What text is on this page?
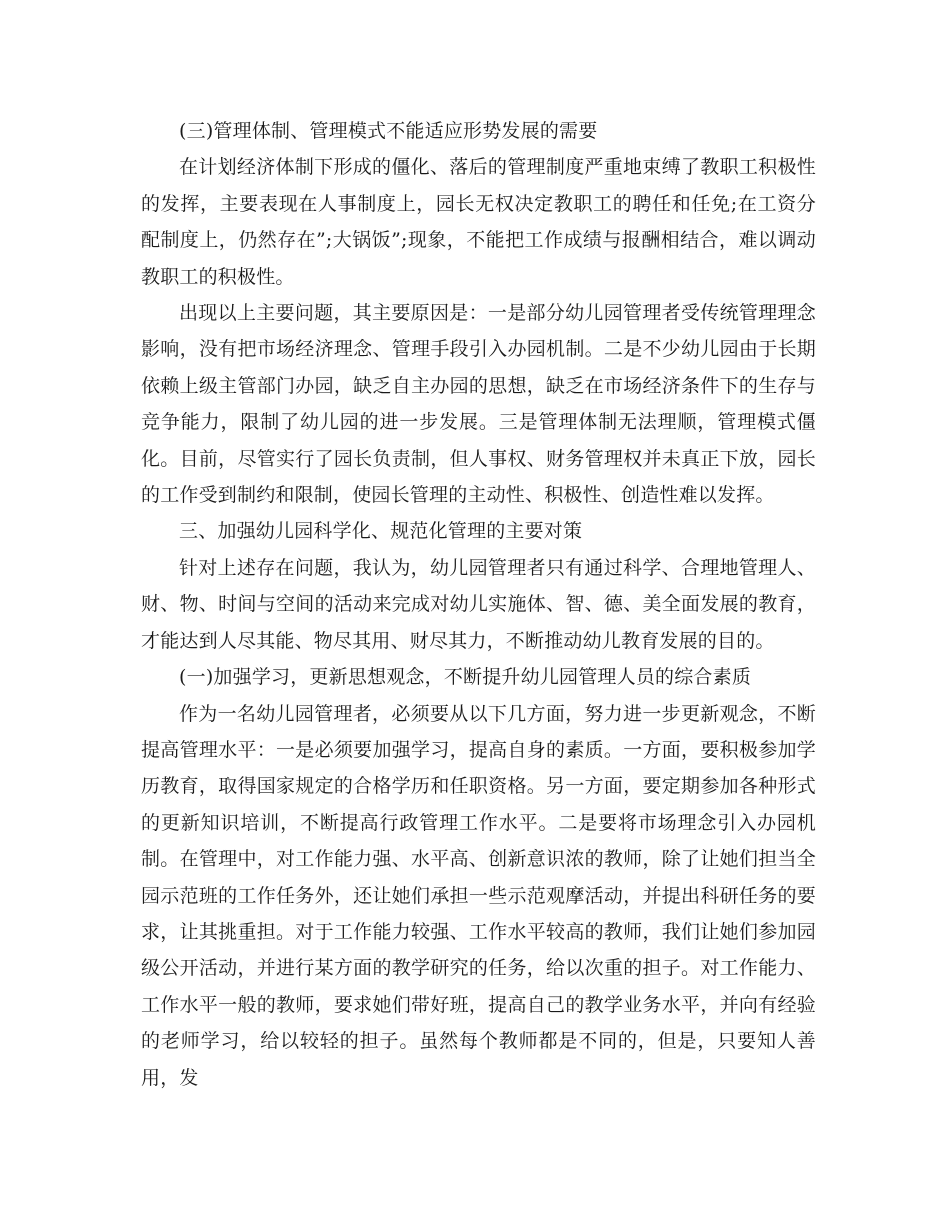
(三)管理体制、管理模式不能适应形势发展的需要

在计划经济体制下形成的僵化、落后的管理制度严重地束缚了教职工积极性的发挥，主要表现在人事制度上，园长无权决定教职工的聘任和任免;在工资分配制度上，仍然存在”;大锅饭”;现象，不能把工作成绩与报酬相结合，难以调动教职工的积极性。

出现以上主要问题，其主要原因是：一是部分幼儿园管理者受传统管理理念影响，没有把市场经济理念、管理手段引入办园机制。二是不少幼儿园由于长期依赖上级主管部门办园，缺乏自主办园的思想，缺乏在市场经济条件下的生存与竞争能力，限制了幼儿园的进一步发展。三是管理体制无法理顺，管理模式僵化。目前，尽管实行了园长负责制，但人事权、财务管理权并未真正下放，园长的工作受到制约和限制，使园长管理的主动性、积极性、创造性难以发挥。

三、加强幼儿园科学化、规范化管理的主要对策

针对上述存在问题，我认为，幼儿园管理者只有通过科学、合理地管理人、财、物、时间与空间的活动来完成对幼儿实施体、智、德、美全面发展的教育，才能达到人尽其能、物尽其用、财尽其力，不断推动幼儿教育发展的目的。

(一)加强学习，更新思想观念，不断提升幼儿园管理人员的综合素质

作为一名幼儿园管理者，必须要从以下几方面，努力进一步更新观念，不断提高管理水平：一是必须要加强学习，提高自身的素质。一方面，要积极参加学历教育，取得国家规定的合格学历和任职资格。另一方面，要定期参加各种形式的更新知识培训，不断提高行政管理工作水平。二是要将市场理念引入办园机制。在管理中，对工作能力强、水平高、创新意识浓的教师，除了让她们担当全园示范班的工作任务外，还让她们承担一些示范观摩活动，并提出科研任务的要求，让其挑重担。对于工作能力较强、工作水平较高的教师，我们让她们参加园级公开活动，并进行某方面的教学研究的任务，给以次重的担子。对工作能力、工作水平一般的教师，要求她们带好班，提高自己的教学业务水平，并向有经验的老师学习，给以较轻的担子。虽然每个教师都是不同的，但是，只要知人善用，发
